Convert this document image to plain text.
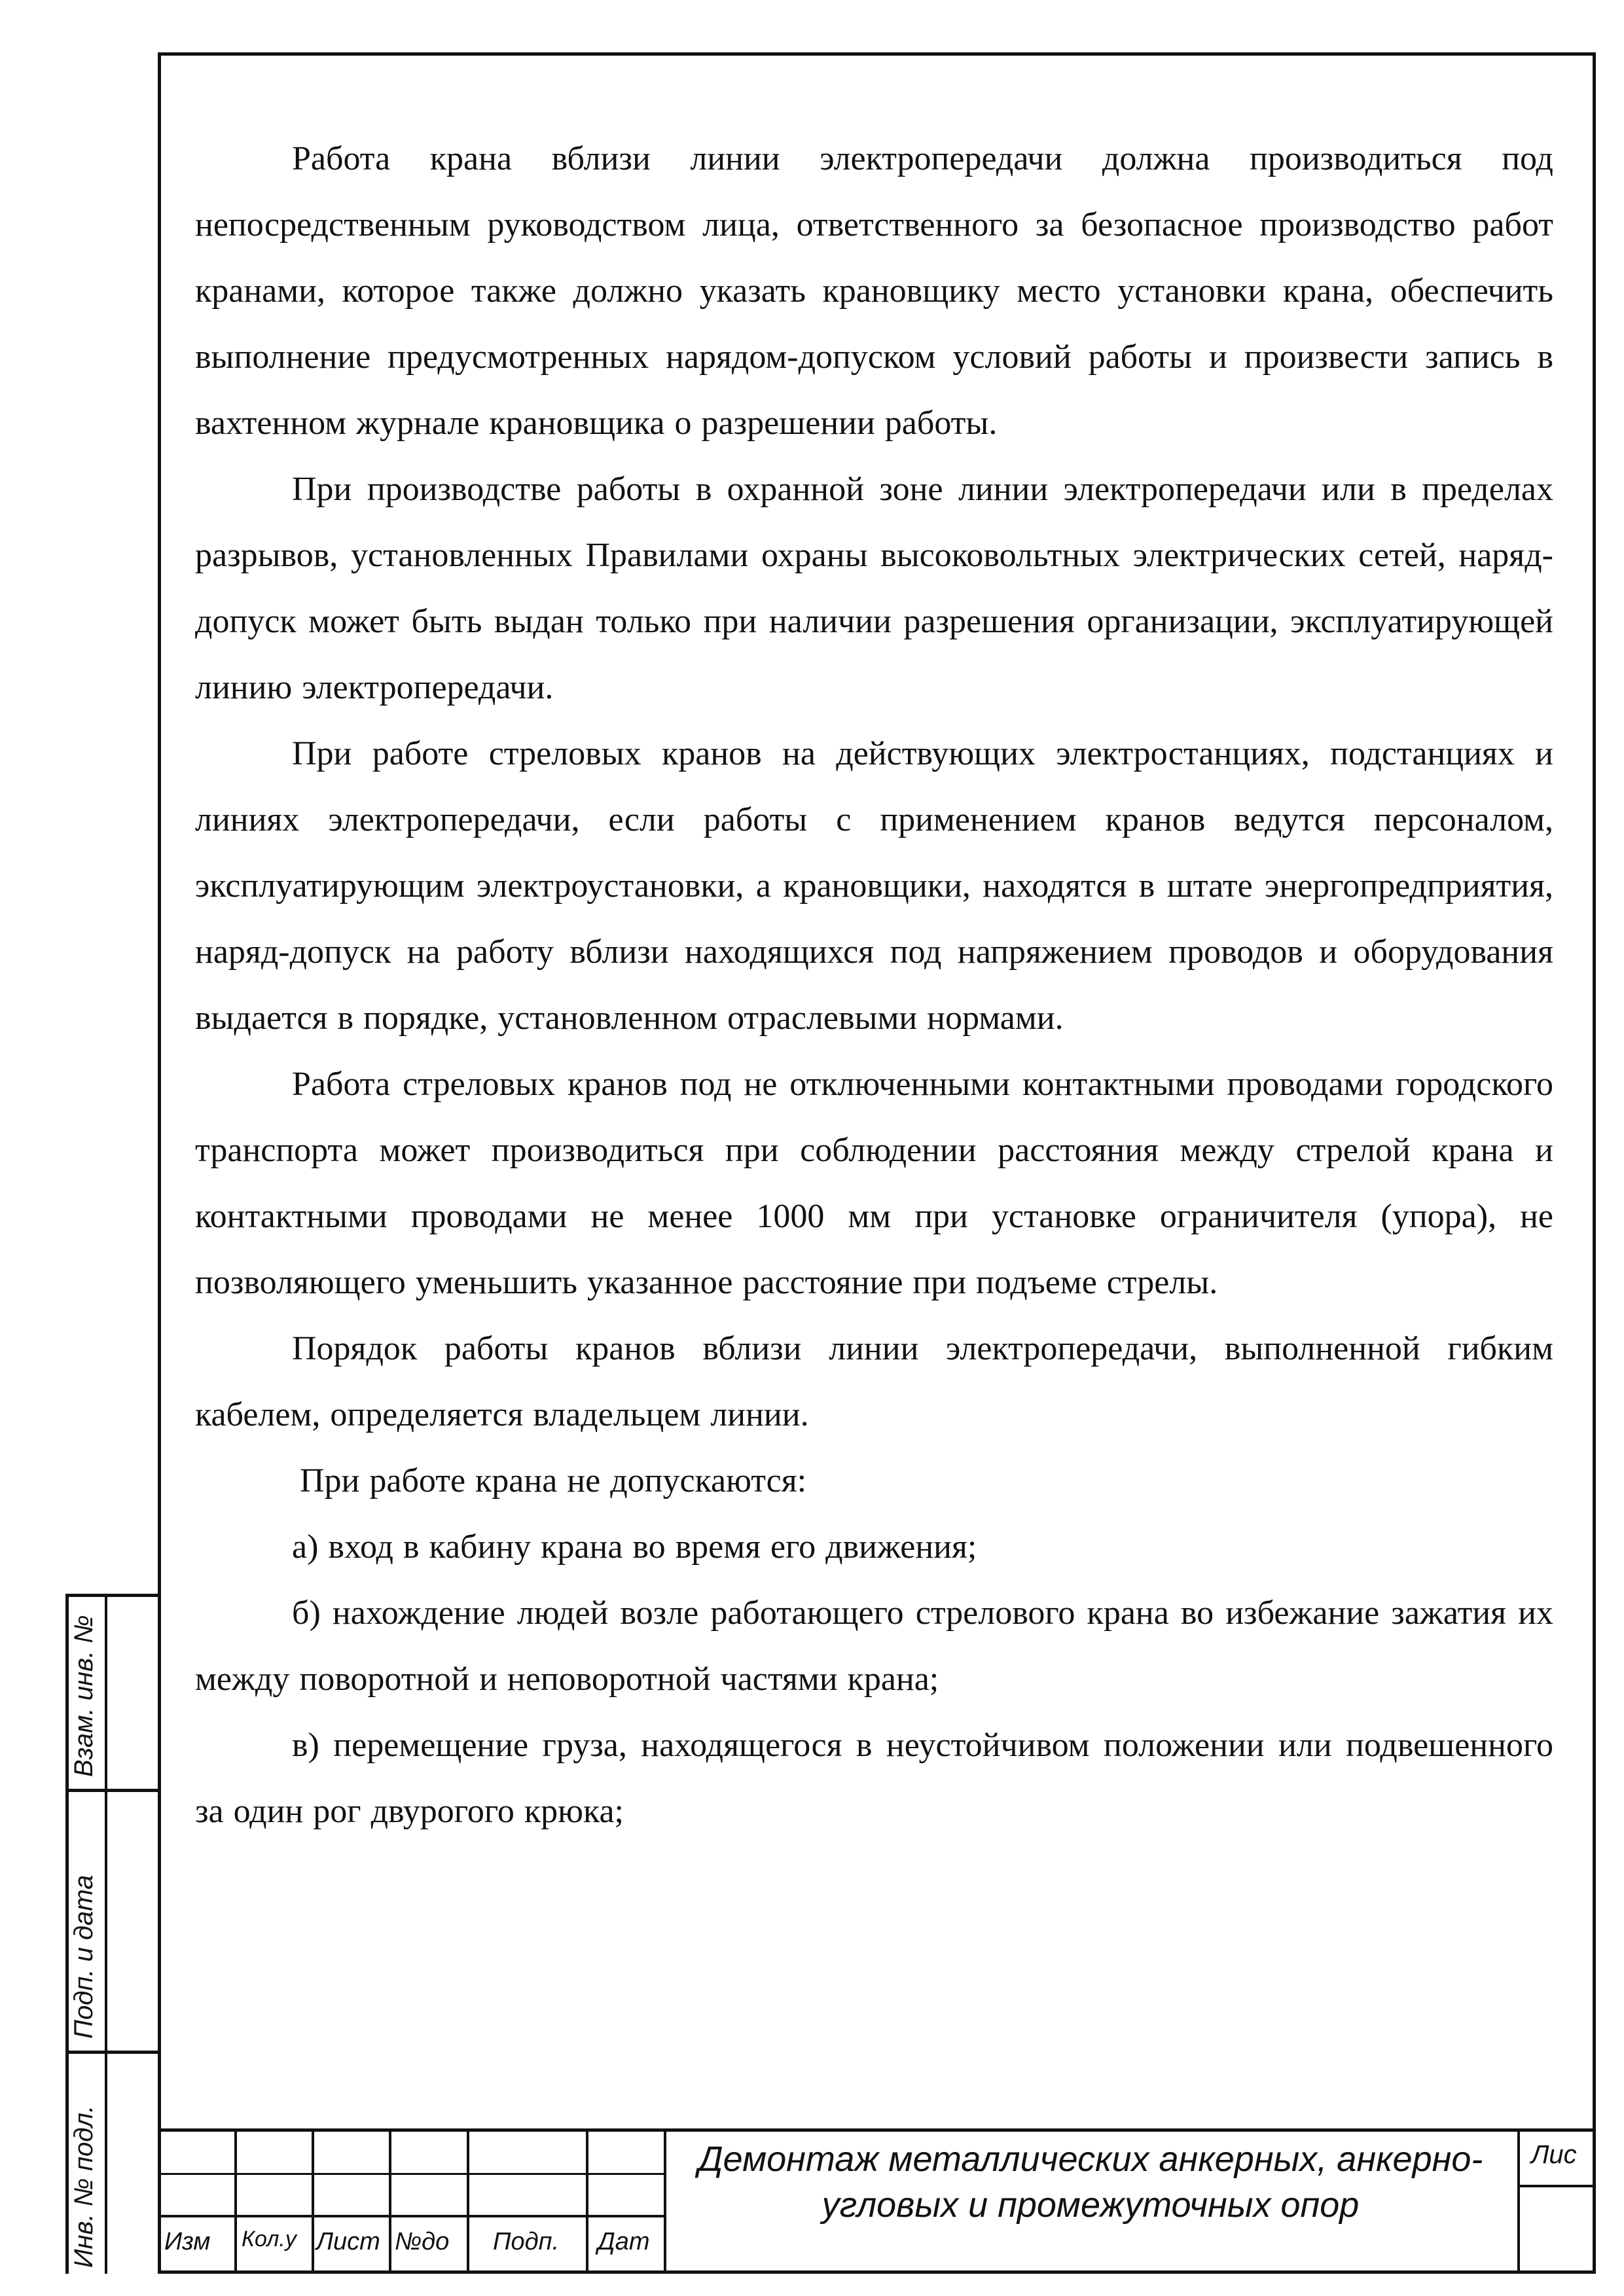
Работа крана вблизи линии электропередачи должна производиться под непосредственным руководством лица, ответственного за безопасное производство работ кранами, которое также должно указать крановщику место установки крана, обеспечить выполнение предусмотренных нарядом-допуском условий работы и произвести запись в вахтенном журнале крановщика о разрешении работы.

При производстве работы в охранной зоне линии электропередачи или в пределах разрывов, установленных Правилами охраны высоковольтных электрических сетей, наряд-допуск может быть выдан только при наличии разрешения организации, эксплуатирующей линию электропередачи.

При работе стреловых кранов на действующих электростанциях, подстанциях и линиях электропередачи, если работы с применением кранов ведутся персоналом, эксплуатирующим электроустановки, а крановщики, находятся в штате энергопредприятия, наряд-допуск на работу вблизи находящихся под напряжением проводов и оборудования выдается в порядке, установленном отраслевыми нормами.

Работа стреловых кранов под не отключенными контактными проводами городского транспорта может производиться при соблюдении расстояния между стрелой крана и контактными проводами не менее 1000 мм при установке ограничителя (упора), не позволяющего уменьшить указанное расстояние при подъеме стрелы.

Порядок работы кранов вблизи линии электропередачи, выполненной гибким кабелем, определяется владельцем линии.

При работе крана не допускаются:

а) вход в кабину крана во время его движения;

б) нахождение людей возле работающего стрелового крана во избежание зажатия их между поворотной и неповоротной частями крана;

в) перемещение груза, находящегося в неустойчивом положении или подвешенного за один рог двурогого крюка;

Взам. инв. №
Подп. и дата
Инв. № подл.	Изм Кол.у Лист №до Подп. Дат
Демонтаж металлических анкерных, анкерно-угловых и промежуточных опор
Лис
